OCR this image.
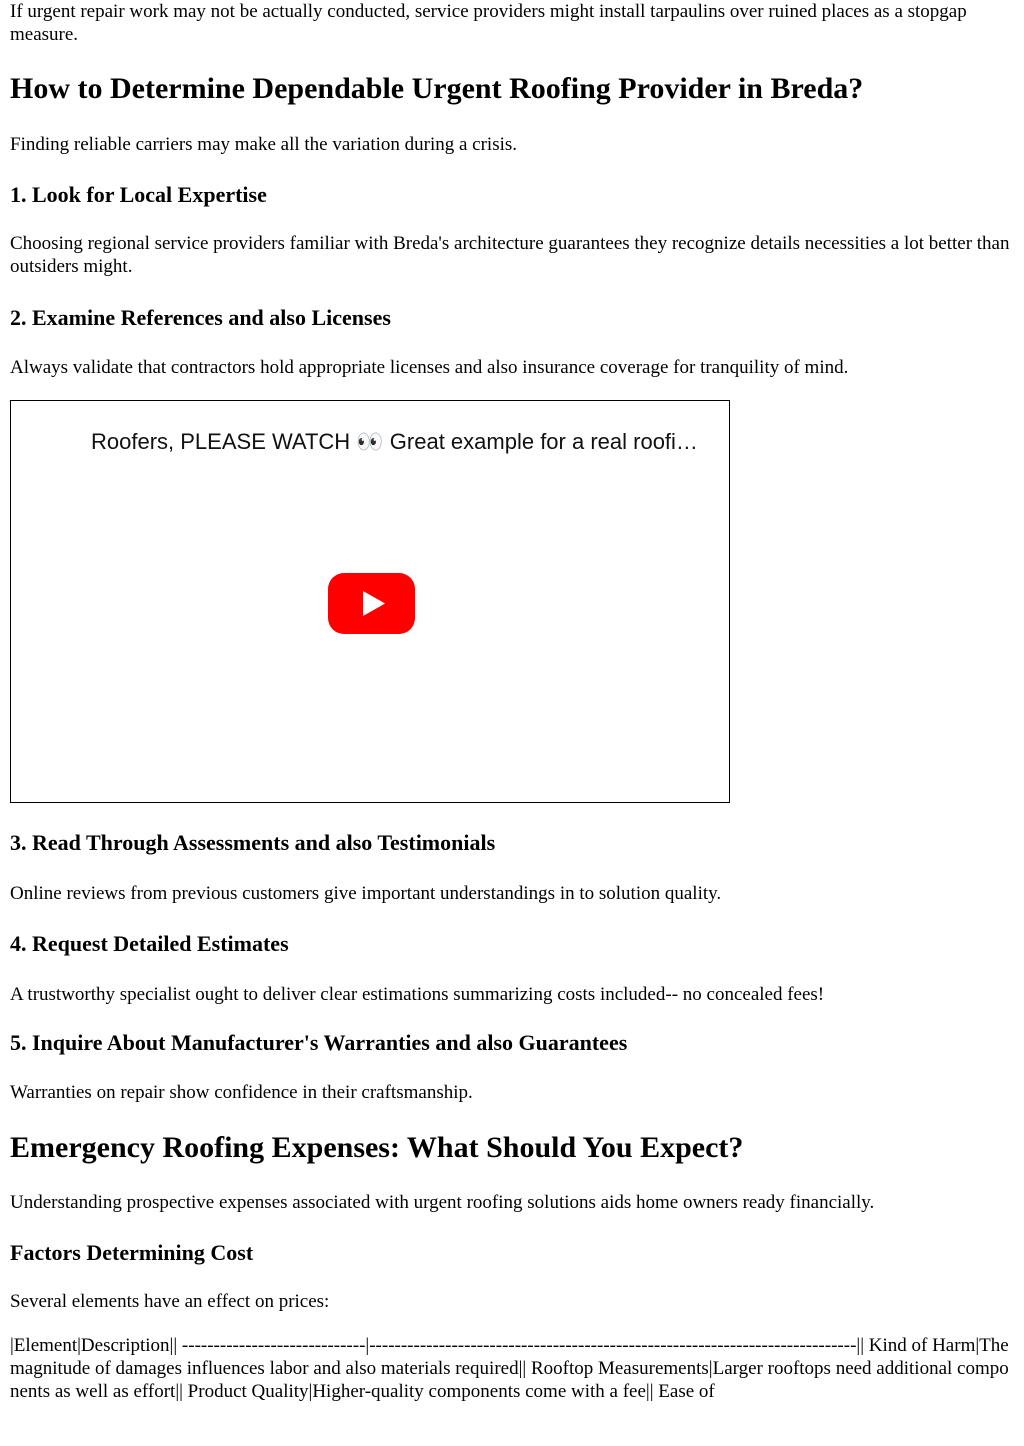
If urgent repair work may not be actually conducted, service providers might install tarpaulins over ruined places as a stopgap measure.

How to Determine Dependable Urgent Roofing Provider in Breda?

Finding reliable carriers may make all the variation during a crisis.

1. Look for Local Expertise

Choosing regional service providers familiar with Breda's architecture guarantees they recognize details necessities a lot better than outsiders might.

2. Examine References and also Licenses

Always validate that contractors hold appropriate licenses and also insurance coverage for tranquility of mind.

Roofers, PLEASE WATCH 👀 Great example for a real roofi…
3. Read Through Assessments and also Testimonials

Online reviews from previous customers give important understandings in to solution quality.

4. Request Detailed Estimates

A trustworthy specialist ought to deliver clear estimations summarizing costs included-- no concealed fees!

5. Inquire About Manufacturer's Warranties and also Guarantees

Warranties on repair show confidence in their craftsmanship.

Emergency Roofing Expenses: What Should You Expect?

Understanding prospective expenses associated with urgent roofing solutions aids home owners ready financially.

Factors Determining Cost

Several elements have an effect on prices:

|Element|Description|| -----------------------------|-----------------------------------------------------------------------------|| Kind of Harm|The magnitude of damages influences labor and also materials required|| Rooftop Measurements|Larger rooftops need additional components as well as effort|| Product Quality|Higher-quality components come with a fee|| Ease of
